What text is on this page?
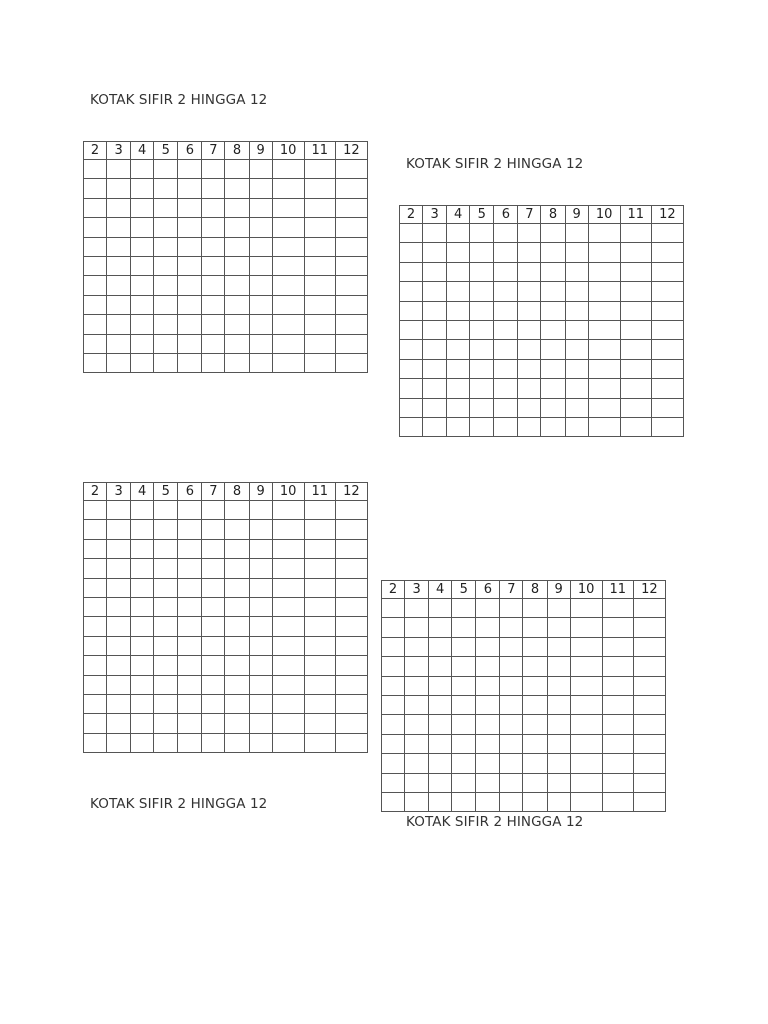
KOTAK SIFIR 2 HINGGA 12
KOTAK SIFIR 2 HINGGA 12
KOTAK SIFIR 2 HINGGA 12
KOTAK SIFIR 2 HINGGA 12
2	3	4	5	6	7	8	9	10	11	12

2	3	4	5	6	7	8	9	10	11	12

2	3	4	5	6	7	8	9	10	11	12

2	3	4	5	6	7	8	9	10	11	12
